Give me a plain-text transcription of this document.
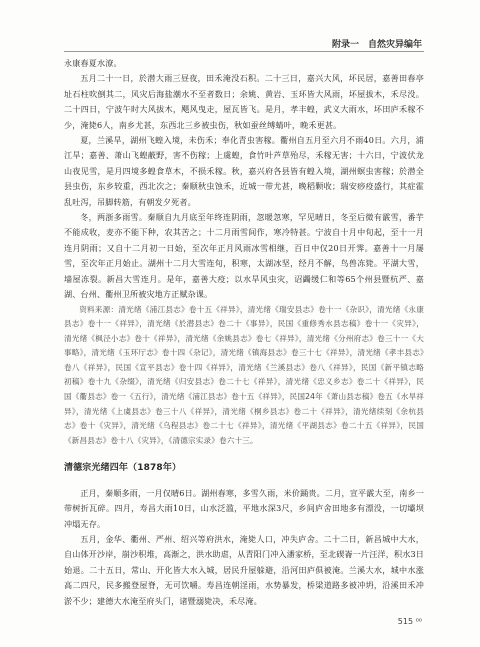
附录一　自然灾异编年

永康春夏水潦。

五月二十一日，於潜大雨三昼夜，田禾淹没石积。二十三日，嘉兴大风，坏民居，嘉善田春亭址石柱吹倒其二，风灾后海盐潮水不至者数日；余姚、黄岩、玉环皆大风雨，坏屋拔木，禾尽没。二十四日，宁波午时大风拔木，飓风曳走，屋瓦皆飞。是月，孝丰蝗，武义大雨水，坏田庐禾稼不少，淹毙6人，南乡尤甚，东西北三乡被虫伤，秋如蚕丝缚蜻叶，晚禾更甚。

夏，兰溪旱，湖州飞蝗入境，未伤禾；奉化青虫害稼。衢州自五月至六月不雨40日。六月，浦江旱；嘉善、萧山飞蝗蔽野，害不伤稼；上虞蝗，食竹叶芦草殆尽，禾稼无害；十六日，宁波伏龙山夜见雪，是月四境多蝗食草木，不损禾稼。秋，嘉兴府各县皆有蝗入境，湖州螟虫害稼；於潜全县虫伤，东乡较重，西北次之；秦顺秋虫蚀禾，近城一带尤甚，晚稻颗收；瑞安痧疫盛行，其症霍乱吐泻，吊脚转筋，有朝发夕死者。

冬，两浙多雨雪。秦顺自九月底至年终连阴雨，忽暖忽寒，罕见晴日，冬至后微有霰雪，番芋不能成收，麦亦不能下种，农其苦之；十二月雨雪间作，寒冷特甚。宁波自十月中旬起，至十一月连月阴雨；又自十二月初一日始，至次年正月风雨冰雪相继，百日中仅20日开霁。嘉善十一月屡雪，至次年正月始止。湖州十二月大雪连旬，积寒，太湖冰坚，经月不解，鸟兽冻毙。平湖大雪，墙屋冻裂。新昌大雪连月。是年，嘉善大疫；以水旱风虫灾，诏蠲缓仁和等65个州县暨杭严、嘉湖、台州、衢州卫所被灾地方正赋杂课。

资料来源：清光绪《浦江县志》卷十五《祥异》，清光绪《瑞安县志》卷十一《杂识》，清光绪《永康县志》卷十一《祥异》，清光绪《於潜县志》卷二十《事异》，民国《重修秀水县志稿》卷十一《灾异》，清光绪《枫泾小志》卷十《祥异》，清光绪《余姚县志》卷七《祥异》，清光绪《分州府志》卷三十一《大事略》，清光绪《玉环厅志》卷十四《杂记》，清光绪《镇海县志》卷三十七《祥异》，清光绪《孝丰县志》卷八《祥异》，民国《宣平县志》卷十四《祥异》，清光绪《兰溪县志》卷八《祥异》，民国《新平镇志略初稿》卷十九《杂缀》，清光绪《归安县志》卷二十七《祥异》，清光绪《忠义乡志》卷二十《祥异》，民国《衢县志》卷一《五行》，清光绪《浦江县志》卷十五《祥异》，民国24年《萧山县志稿》卷五《水旱祥异》，清光绪《上虞县志》卷三十八《祥异》，清光绪《桐乡县志》卷二十《祥异》，清光绪续刻《余杭县志》卷十《灾异》，清光绪《乌程县志》卷二十七《祥异》，清光绪《平湖县志》卷二十五《祥异》，民国《新昌县志》卷十八《灾异》，《清德宗实录》卷六十三。

清德宗光绪四年（1878年）

正月，秦顺多雨，一月仅晴6日。湖州春寒，多雪久雨，米价踊贵。二月，宣平霰大至，南乡一带树折瓦碎。四月，寿昌大雨10日，山水泛滥，平地水深3尺，乡间庐舍田地多有漂没，一切壩坝冲塌无存。

五月，金华、衢州、严州、绍兴等府洪水，淹毙人口，冲失庐舍。二十二日，新昌城中大水，自山体开沙岸，崩沙积堆，高渐之，洪水助虐，从青阳门冲入潘家桥，至北碶崙一片汪洋，积水3日始退。二十五日，常山、开化皆大水入城，居民升屋躲避，沿河田庐俱被淹。兰溪大水，城中水涨高二四尺，民多搬登屋脊，无可饮嚼。寿昌连朝淫雨，水势暴发，桥梁道路多被冲坍，沿溪田禾冲淤不少；建德大水淹至府头门，诸暨溺毙决，禾尽淹。

515 ⁰⁰
